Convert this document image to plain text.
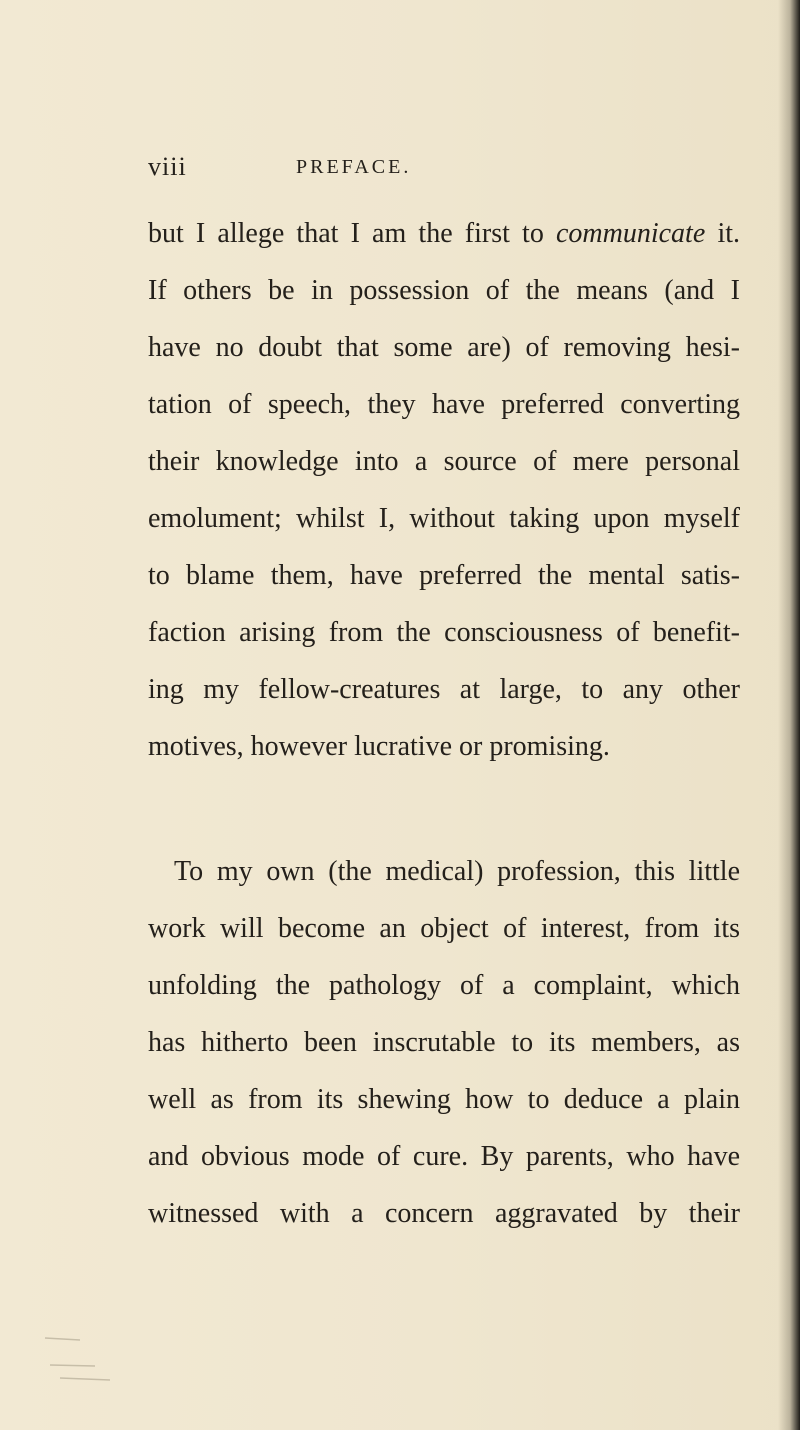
viii	PREFACE.
but I allege that I am the first to communicate it.
If others be in possession of the means (and I
have no doubt that some are) of removing hesi-
tation of speech, they have preferred converting
their knowledge into a source of mere personal
emolument; whilst I, without taking upon myself
to blame them, have preferred the mental satis-
faction arising from the consciousness of benefit-
ing my fellow-creatures at large, to any other
motives, however lucrative or promising.
To my own (the medical) profession, this little
work will become an object of interest, from its
unfolding the pathology of a complaint, which
has hitherto been inscrutable to its members, as
well as from its shewing how to deduce a plain
and obvious mode of cure. By parents, who have
witnessed with a concern aggravated by their
